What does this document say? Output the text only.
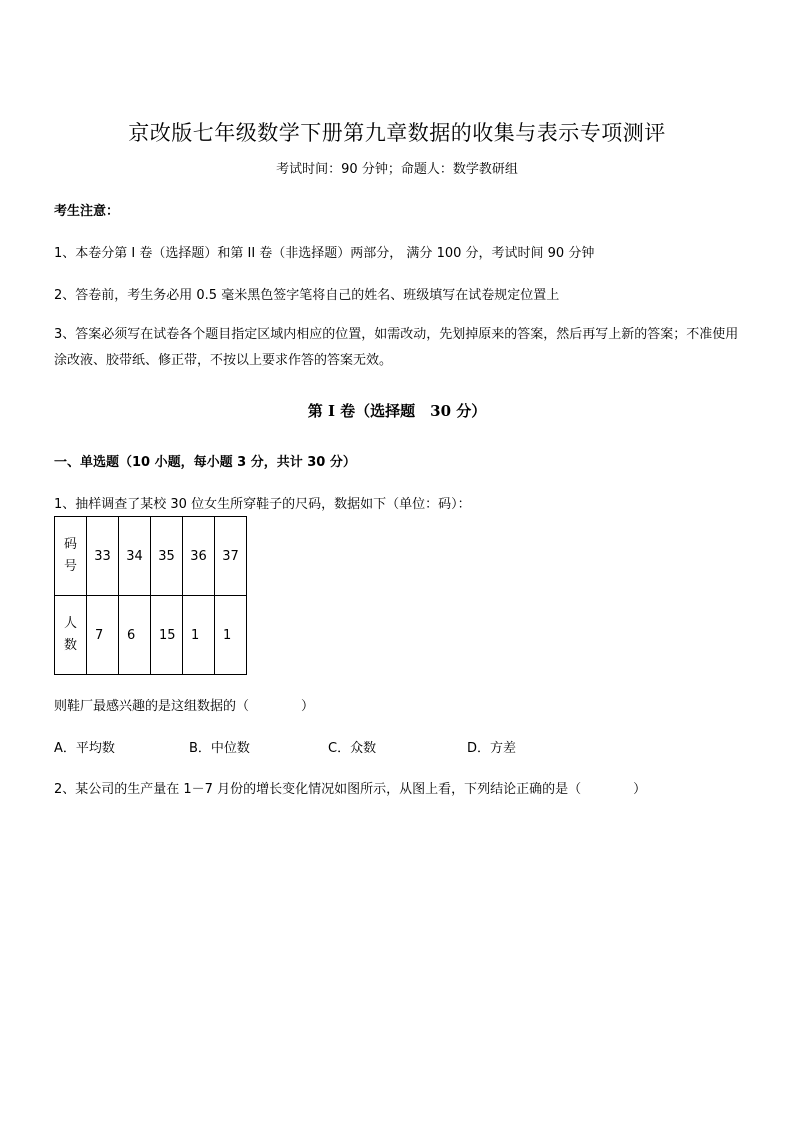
京改版七年级数学下册第九章数据的收集与表示专项测评
考试时间：90 分钟；命题人：数学教研组
考生注意：
1、本卷分第 I 卷（选择题）和第 II 卷（非选择题）两部分， 满分 100 分，考试时间 90 分钟
2、答卷前，考生务必用 0.5 毫米黑色签字笔将自己的姓名、班级填写在试卷规定位置上
3、答案必须写在试卷各个题目指定区域内相应的位置，如需改动，先划掉原来的答案，然后再写上新的答案；不准使用涂改液、胶带纸、修正带，不按以上要求作答的答案无效。
第 I 卷（选择题　30 分）
一、单选题（10 小题，每小题 3 分，共计 30 分）
1、抽样调查了某校 30 位女生所穿鞋子的尺码，数据如下（单位：码）：
码
号	33	34	35	36	37
人
数	7	6	15	1	1
则鞋厂最感兴趣的是这组数据的（　　　　）
A．平均数	B．中位数	C．众数	D．方差
2、某公司的生产量在 1－7 月份的增长变化情况如图所示，从图上看，下列结论正确的是（　　　　）
